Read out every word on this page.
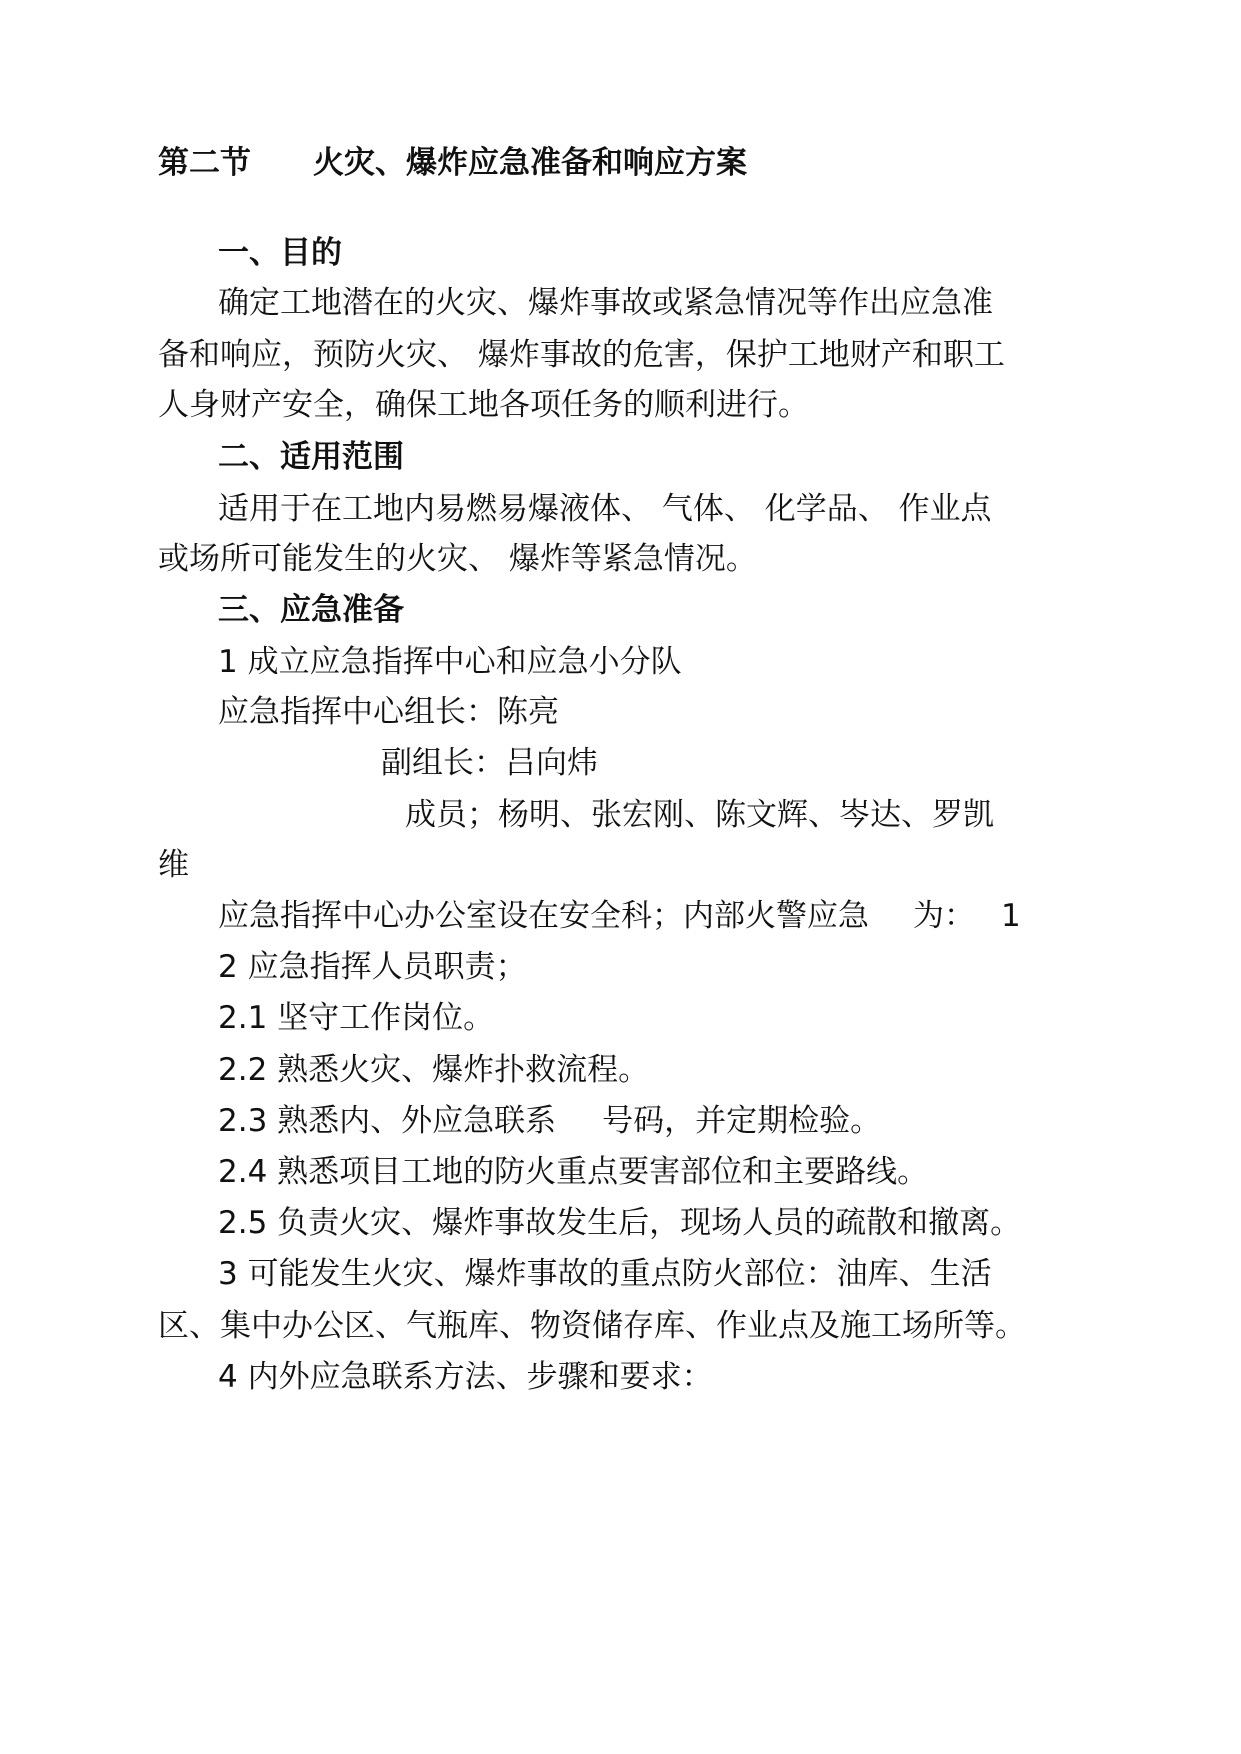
第二节 火灾、爆炸应急准备和响应方案
一、目的
确定工地潜在的火灾、爆炸事故或紧急情况等作出应急准
备和响应，预防火灾、 爆炸事故的危害，保护工地财产和职工
人身财产安全，确保工地各项任务的顺利进行。
二、适用范围
适用于在工地内易燃易爆液体、 气体、 化学品、 作业点
或场所可能发生的火灾、 爆炸等紧急情况。
三、应急准备
1 成立应急指挥中心和应急小分队
应急指挥中心组长：陈亮
副组长：吕向炜
成员；杨明、张宏刚、陈文辉、岑达、罗凯
维
应急指挥中心办公室设在安全科；内部火警应急 为： 1
2 应急指挥人员职责；
2.1 坚守工作岗位。
2.2 熟悉火灾、爆炸扑救流程。
2.3 熟悉内、外应急联系 号码，并定期检验。
2.4 熟悉项目工地的防火重点要害部位和主要路线。
2.5 负责火灾、爆炸事故发生后，现场人员的疏散和撤离。
3 可能发生火灾、爆炸事故的重点防火部位：油库、生活
区、集中办公区、气瓶库、物资储存库、作业点及施工场所等。
4 内外应急联系方法、步骤和要求：
